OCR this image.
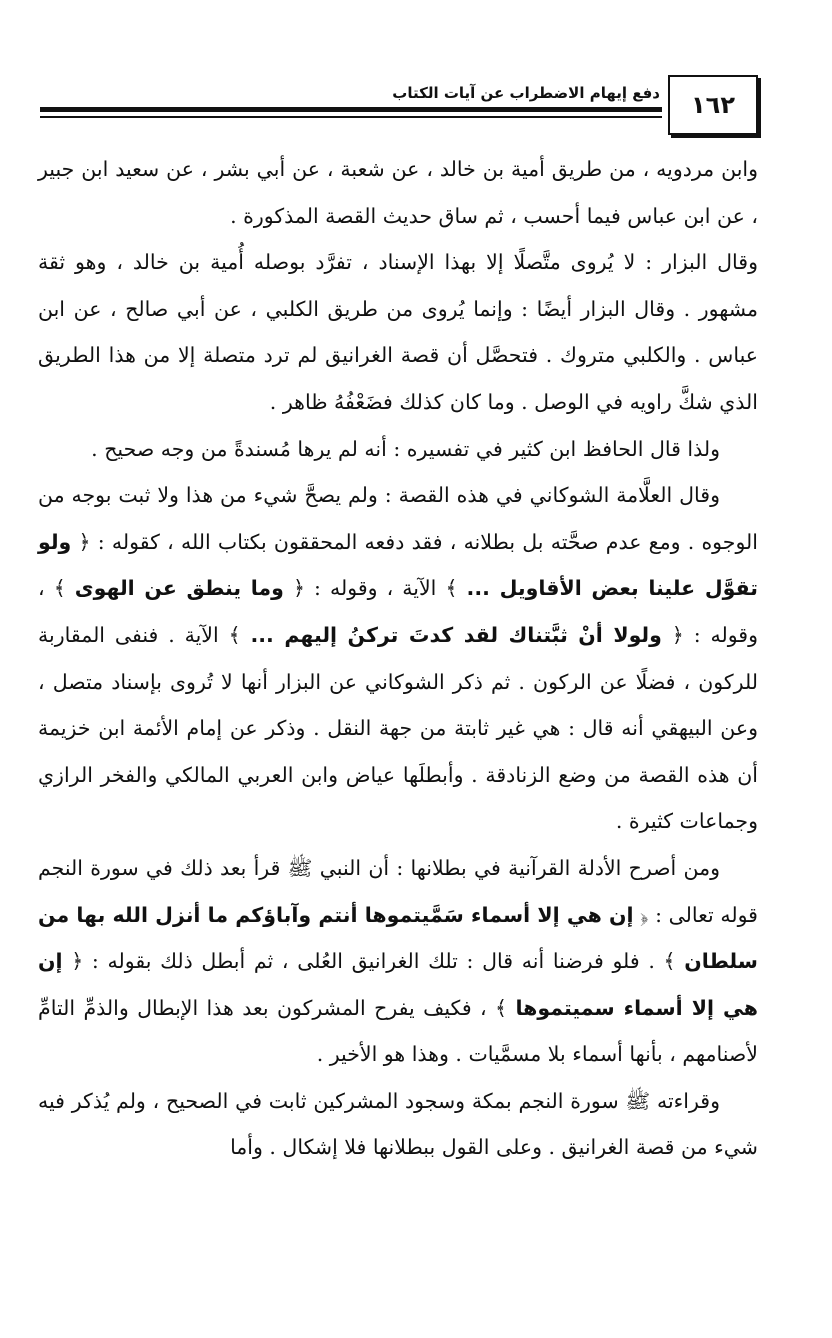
١٦٢
دفع إيهام الاضطراب عن آيات الكتاب

وابن مردويه ، من طريق أمية بن خالد ، عن شعبة ، عن أبي بشر ، عن سعيد ابن جبير ، عن ابن عباس فيما أحسب ، ثم ساق حديث القصة المذكورة .

وقال البزار : لا يُروى متَّصلًا إلا بهذا الإسناد ، تفرَّد بوصله أُمية بن خالد ، وهو ثقة مشهور . وقال البزار أيضًا : وإنما يُروى من طريق الكلبي ، عن أبي صالح ، عن ابن عباس . والكلبي متروك . فتحصَّل أن قصة الغرانيق لم ترد متصلة إلا من هذا الطريق الذي شكَّ راويه في الوصل . وما كان كذلك فضَعْفُهُ ظاهر .

ولذا قال الحافظ ابن كثير في تفسيره : أنه لم يرها مُسندةً من وجه صحيح .

وقال العلَّامة الشوكاني في هذه القصة : ولم يصحَّ شيء من هذا ولا ثبت بوجه من الوجوه . ومع عدم صحَّته بل بطلانه ، فقد دفعه المحققون بكتاب الله ، كقوله : ﴿ ولو تقوَّل علينا بعض الأقاويل ... ﴾ الآية ، وقوله : ﴿ وما ينطق عن الهوى ﴾ ، وقوله : ﴿ ولولا أنْ ثبَّتناك لقد كدتَ تركنُ إليهم ... ﴾ الآية . فنفى المقاربة للركون ، فضلًا عن الركون . ثم ذكر الشوكاني عن البزار أنها لا تُروى بإسناد متصل ، وعن البيهقي أنه قال : هي غير ثابتة من جهة النقل . وذكر عن إمام الأئمة ابن خزيمة أن هذه القصة من وضع الزنادقة . وأبطلَها عياض وابن العربي المالكي والفخر الرازي وجماعات كثيرة .

ومن أصرح الأدلة القرآنية في بطلانها : أن النبي ﷺ قرأ بعد ذلك في سورة النجم قوله تعالى : ﴿ إن هي إلا أسماء سَمَّيتموها أنتم وآباؤكم ما أنزل الله بها من سلطان ﴾ . فلو فرضنا أنه قال : تلك الغرانيق العُلى ، ثم أبطل ذلك بقوله : ﴿ إن هي إلا أسماء سميتموها ﴾ ، فكيف يفرح المشركون بعد هذا الإبطال والذمِّ التامِّ لأصنامهم ، بأنها أسماء بلا مسمَّيات . وهذا هو الأخير .

وقراءته ﷺ سورة النجم بمكة وسجود المشركين ثابت في الصحيح ، ولم يُذكر فيه شيء من قصة الغرانيق . وعلى القول ببطلانها فلا إشكال . وأما
